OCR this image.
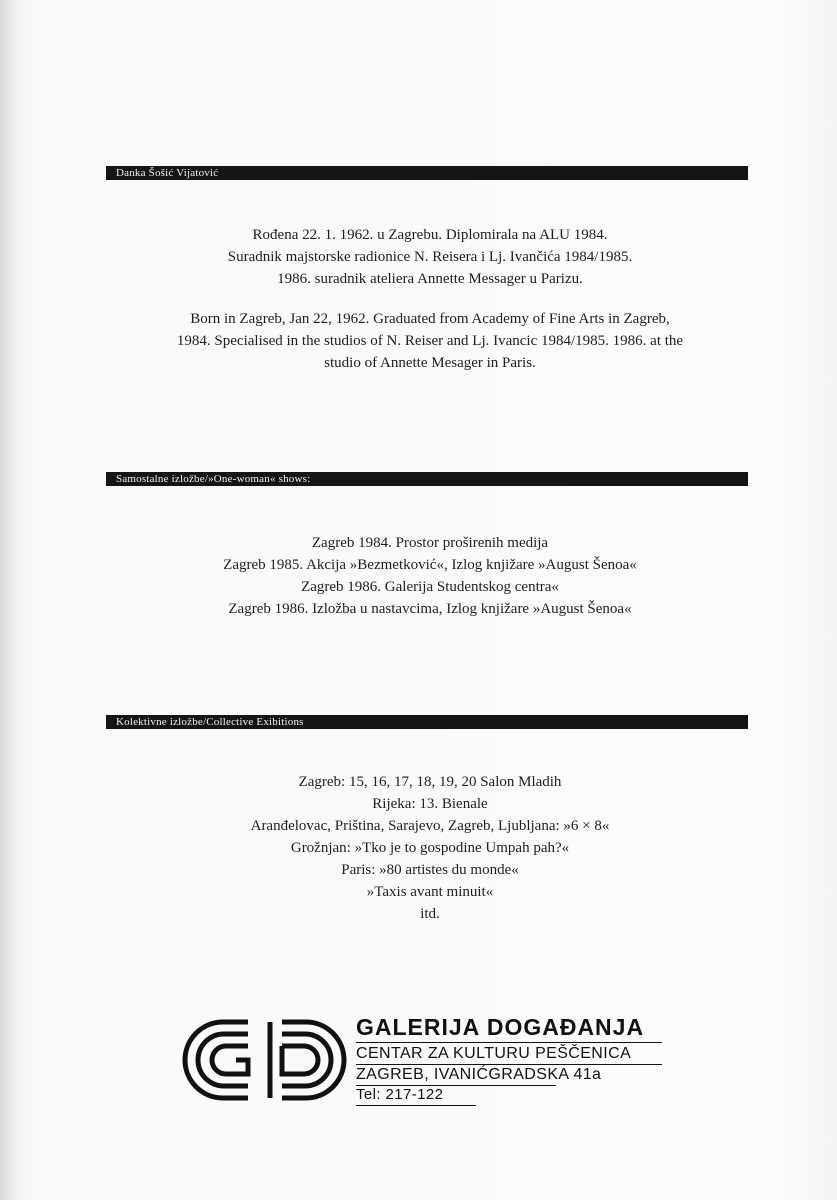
Danka Šošić Vijatović

Rođena 22. 1. 1962. u Zagrebu. Diplomirala na ALU 1984.

Suradnik majstorske radionice N. Reisera i Lj. Ivančića 1984/1985.

1986. suradnik ateliera Annette Messager u Parizu.

Born in Zagreb, Jan 22, 1962. Graduated from Academy of Fine Arts in Zagreb,

1984. Specialised in the studios of N. Reiser and Lj. Ivancic 1984/1985. 1986. at the

studio of Annette Mesager in Paris.

Samostalne izložbe/»One-woman« shows:

Zagreb 1984. Prostor proširenih medija

Zagreb 1985. Akcija »Bezmetković«, Izlog knjižare »August Šenoa«

Zagreb 1986. Galerija Studentskog centra«

Zagreb 1986. Izložba u nastavcima, Izlog knjižare »August Šenoa«

Kolektivne izložbe/Collective Exibitions

Zagreb: 15, 16, 17, 18, 19, 20 Salon Mladih

Rijeka: 13. Bienale

Aranđelovac, Priština, Sarajevo, Zagreb, Ljubljana: »6 × 8«

Grožnjan: »Tko je to gospodine Umpah pah?«

Paris: »80 artistes du monde«

»Taxis avant minuit«

itd.

GALERIJA DOGAĐANJA
CENTAR ZA KULTURU PEŠČENICA
ZAGREB, IVANIĆGRADSKA 41a
Tel: 217-122
